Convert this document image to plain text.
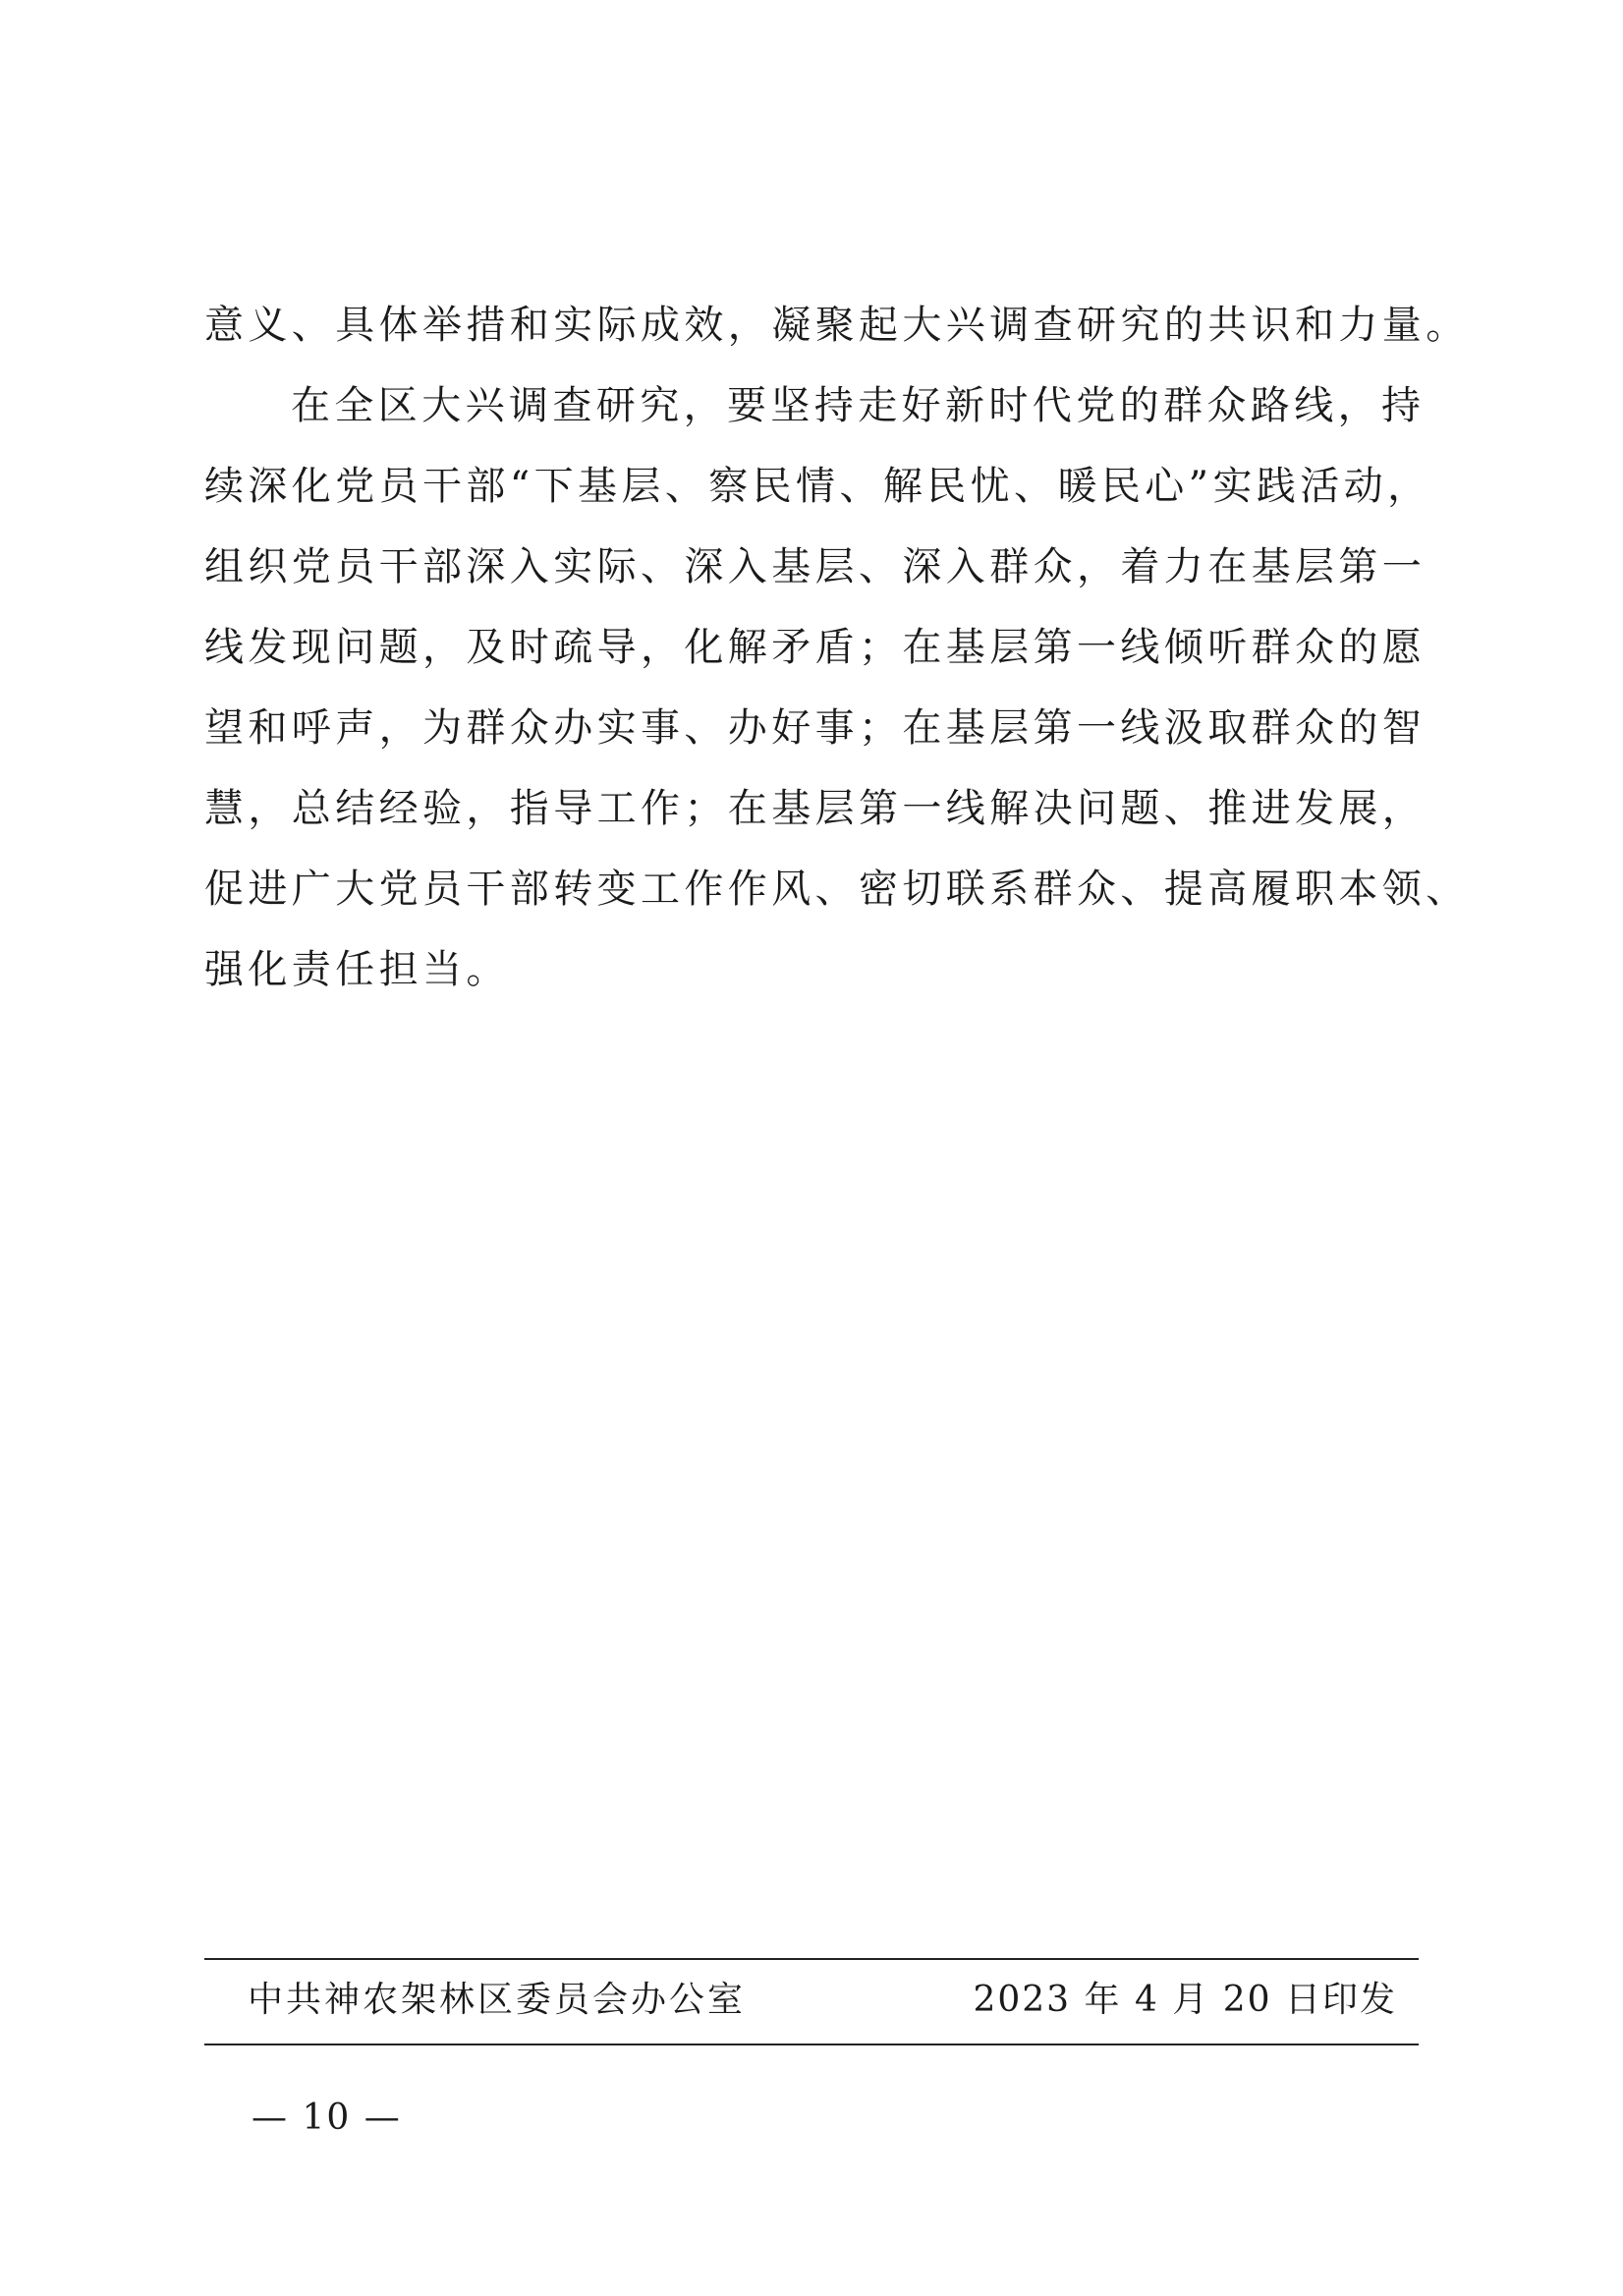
意义、具体举措和实际成效，凝聚起大兴调查研究的共识和力量。
在全区大兴调查研究，要坚持走好新时代党的群众路线，持
续深化党员干部“下基层、察民情、解民忧、暖民心”实践活动，
组织党员干部深入实际、深入基层、深入群众，着力在基层第一
线发现问题，及时疏导，化解矛盾；在基层第一线倾听群众的愿
望和呼声，为群众办实事、办好事；在基层第一线汲取群众的智
慧，总结经验，指导工作；在基层第一线解决问题、推进发展，
促进广大党员干部转变工作作风、密切联系群众、提高履职本领、
强化责任担当。
中共神农架林区委员会办公室	2023 年 4 月 20 日印发
— 10 —
